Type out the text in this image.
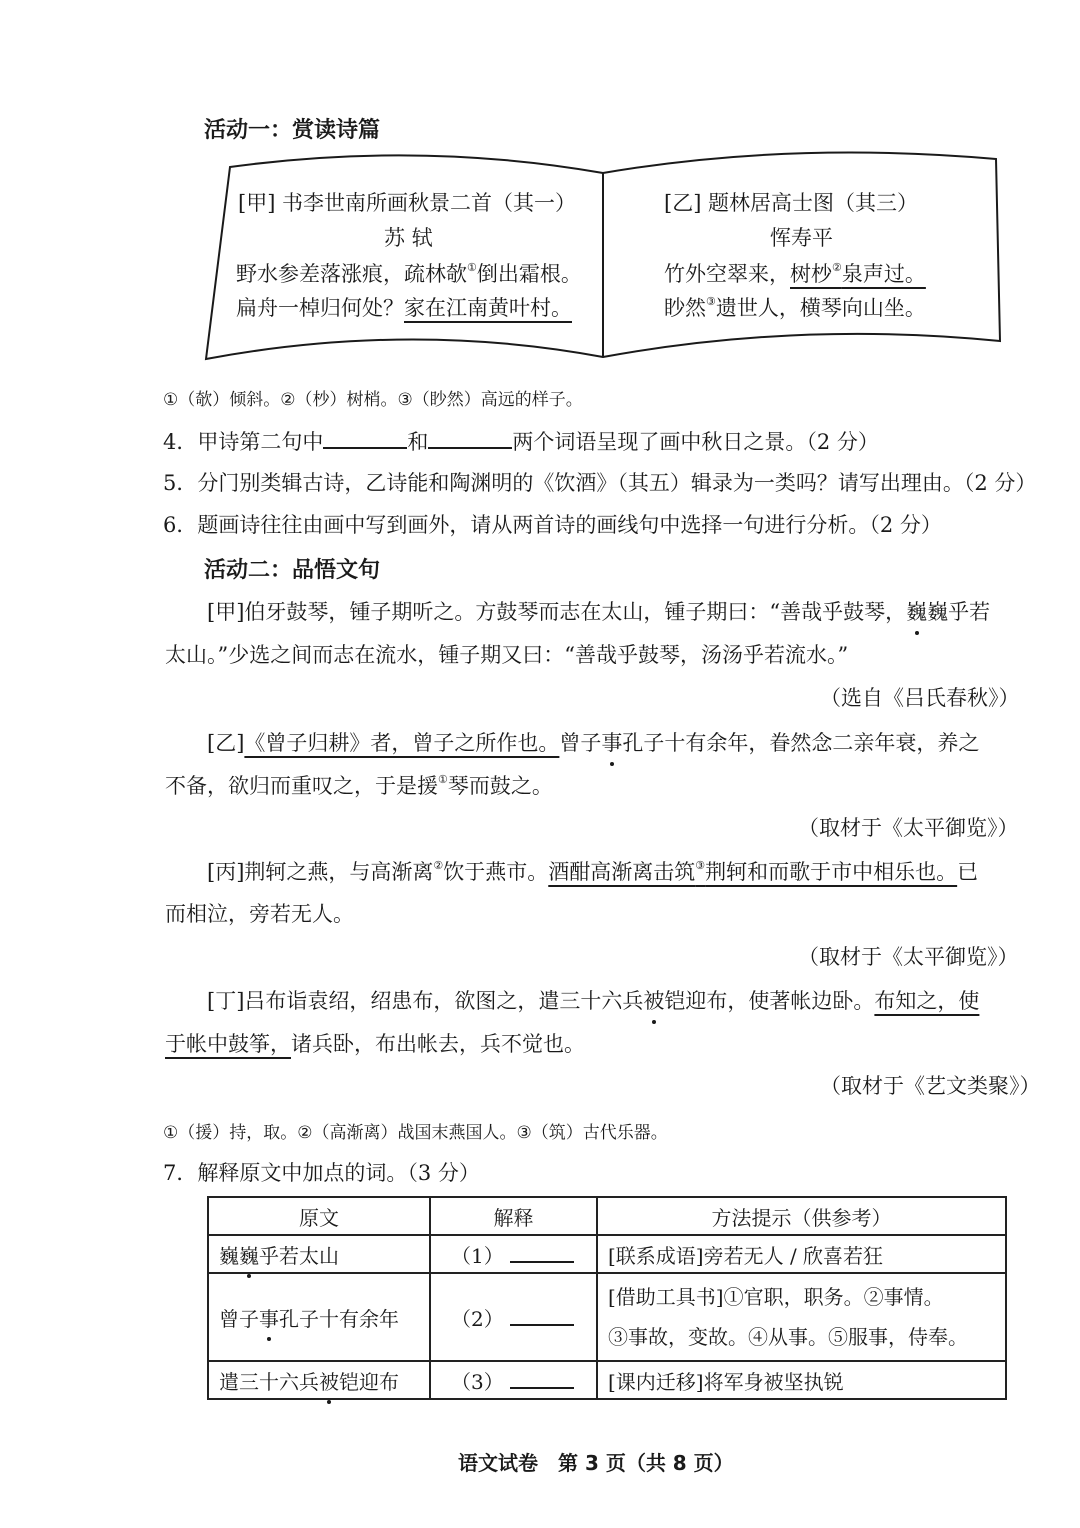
活动一：赏读诗篇
[甲] 书李世南所画秋景二首（其一）
苏 轼
野水参差落涨痕，疏林欹①倒出霜根。
扁舟一棹归何处？家在江南黄叶村。
[乙] 题林居高士图（其三）
恽寿平
竹外空翠来，树杪②泉声过。
眇然③遗世人，横琴向山坐。
①（欹）倾斜。②（杪）树梢。③（眇然）高远的样子。
4．甲诗第二句中	和	两个词语呈现了画中秋日之景。（2 分）
5．分门别类辑古诗，乙诗能和陶渊明的《饮酒》（其五）辑录为一类吗？请写出理由。（2 分）
6．题画诗往往由画中写到画外，请从两首诗的画线句中选择一句进行分析。（2 分）
活动二：品悟文句
[甲]伯牙鼓琴，锺子期听之。方鼓琴而志在太山，锺子期曰：“善哉乎鼓琴，巍巍乎若
太山。”少选之间而志在流水，锺子期又曰：“善哉乎鼓琴，汤汤乎若流水。”
（选自《吕氏春秋》）
[乙]《曾子归耕》者，曾子之所作也。曾子事孔子十有余年，眷然念二亲年衰，养之
不备，欲归而重叹之，于是援①琴而鼓之。
（取材于《太平御览》）
[丙]荆轲之燕，与高渐离②饮于燕市。酒酣高渐离击筑③荆轲和而歌于市中相乐也。已
而相泣，旁若无人。
（取材于《太平御览》）
[丁]吕布诣袁绍，绍患布，欲图之，遣三十六兵被铠迎布，使著帐边卧。布知之，使
于帐中鼓筝，诸兵卧，布出帐去，兵不觉也。
（取材于《艺文类聚》）
①（援）持，取。②（高渐离）战国末燕国人。③（筑）古代乐器。
7．解释原文中加点的词。（3 分）
原文	解释	方法提示（供参考）
巍巍乎若太山	（1）	[联系成语]旁若无人 / 欣喜若狂
曾子事孔子十有余年	（2）	[借助工具书]①官职，职务。②事情。
③事故，变故。④从事。⑤服事，侍奉。

遣三十六兵被铠迎布	（3）	[课内迁移]将军身被坚执锐
语文试卷　第 3 页（共 8 页）
